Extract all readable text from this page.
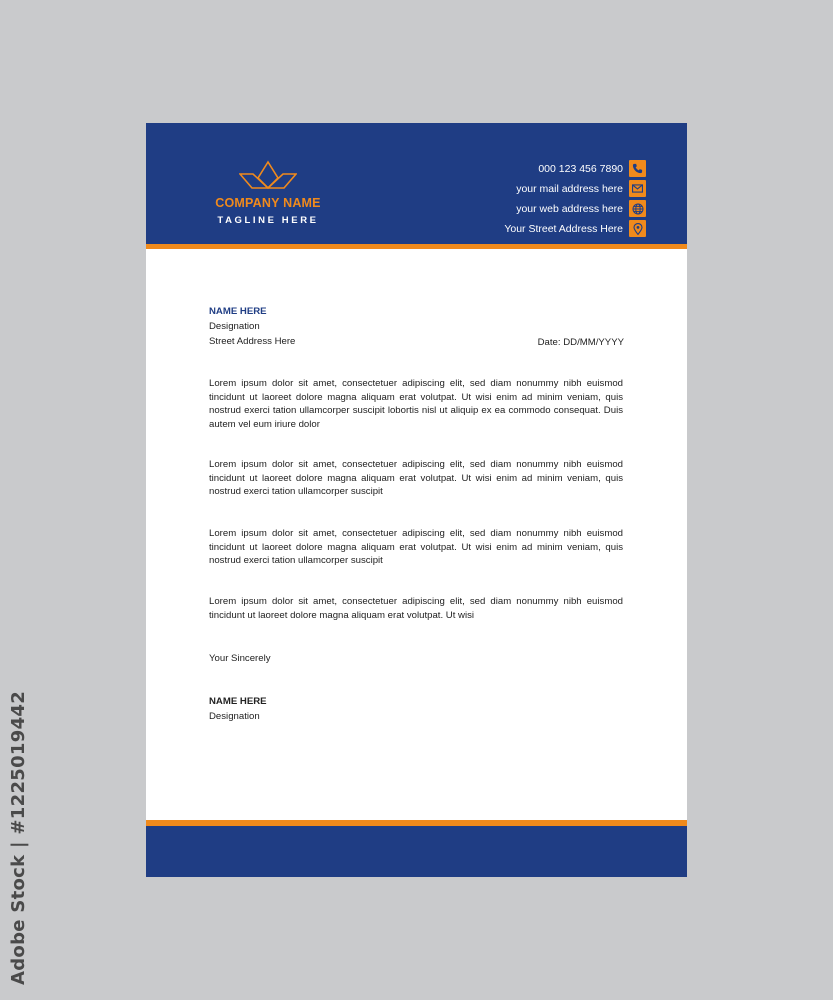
Adobe Stock | #1225019442
COMPANY NAME
TAGLINE HERE
000 123 456 7890
your mail address here
your web address here
Your Street Address Here
NAME HERE
Designation
Street Address Here	Date: DD/MM/YYYY
Lorem ipsum dolor sit amet, consectetuer adipiscing elit, sed diam nonummy nibh euismod tincidunt ut laoreet dolore magna aliquam erat volutpat. Ut wisi enim ad minim veniam, quis nostrud exerci tation ullamcorper suscipit lobortis nisl ut aliquip ex ea commodo consequat. Duis autem vel eum iriure dolor
Lorem ipsum dolor sit amet, consectetuer adipiscing elit, sed diam nonummy nibh euismod tincidunt ut laoreet dolore magna aliquam erat volutpat. Ut wisi enim ad minim veniam, quis nostrud exerci tation ullamcorper suscipit
Lorem ipsum dolor sit amet, consectetuer adipiscing elit, sed diam nonummy nibh euismod tincidunt ut laoreet dolore magna aliquam erat volutpat. Ut wisi enim ad minim veniam, quis nostrud exerci tation ullamcorper suscipit
Lorem ipsum dolor sit amet, consectetuer adipiscing elit, sed diam nonummy nibh euismod tincidunt ut laoreet dolore magna aliquam erat volutpat. Ut wisi
Your Sincerely
NAME HERE
Designation
